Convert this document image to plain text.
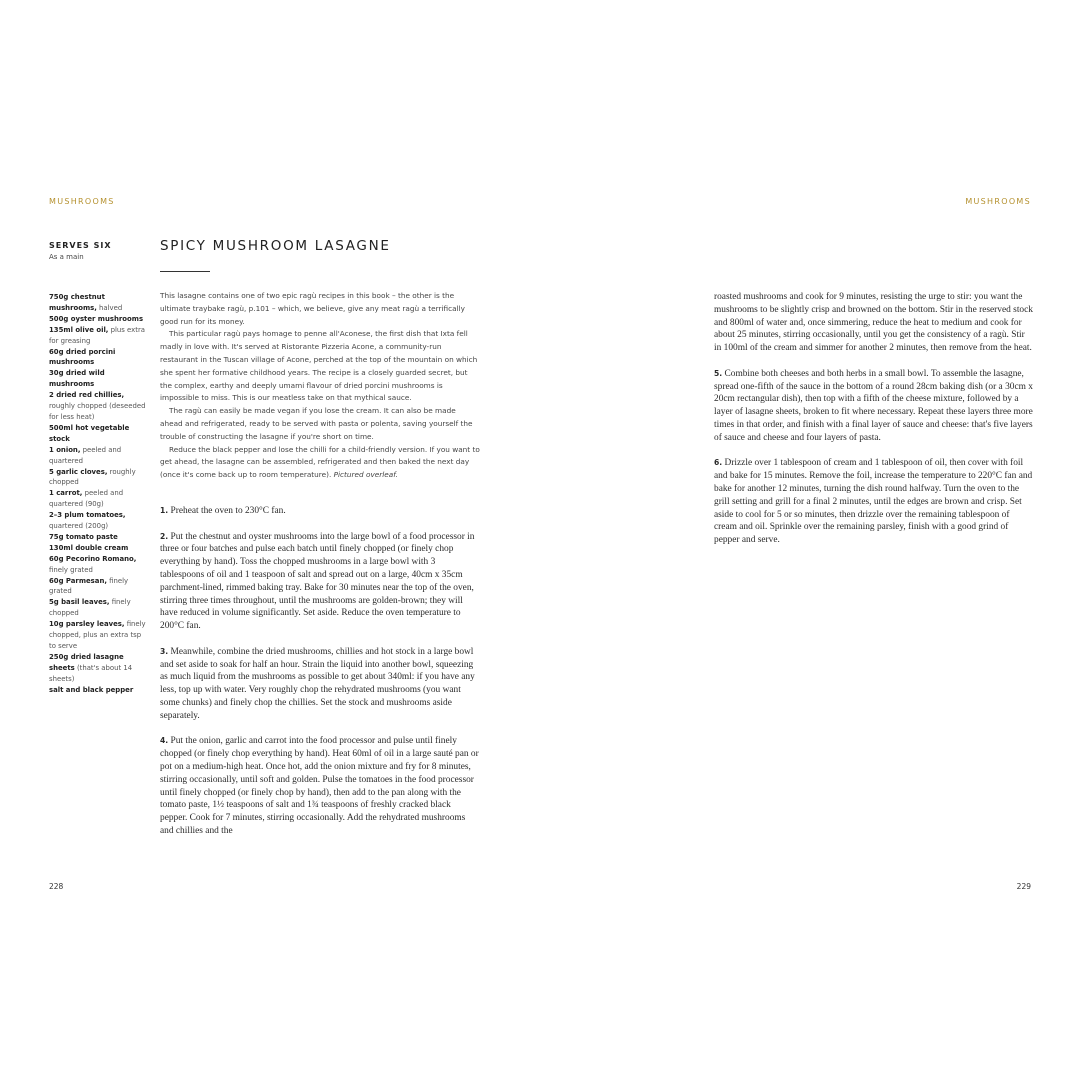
MUSHROOMS	MUSHROOMS
SERVES SIX
As a main
SPICY MUSHROOM LASAGNE
750g chestnut mushrooms, halved
500g oyster mushrooms
135ml olive oil, plus extra for greasing
60g dried porcini mushrooms
30g dried wild mushrooms
2 dried red chillies, roughly chopped (deseeded for less heat)
500ml hot vegetable stock
1 onion, peeled and quartered
5 garlic cloves, roughly chopped
1 carrot, peeled and quartered (90g)
2–3 plum tomatoes, quartered (200g)
75g tomato paste
130ml double cream
60g Pecorino Romano, finely grated
60g Parmesan, finely grated
5g basil leaves, finely chopped
10g parsley leaves, finely chopped, plus an extra tsp to serve
250g dried lasagne sheets (that's about 14 sheets)
salt and black pepper

This lasagne contains one of two epic ragù recipes in this book – the other is the ultimate traybake ragù, p.101 – which, we believe, give any meat ragù a terrifically good run for its money.

This particular ragù pays homage to penne all'Aconese, the first dish that Ixta fell madly in love with. It's served at Ristorante Pizzeria Acone, a community-run restaurant in the Tuscan village of Acone, perched at the top of the mountain on which she spent her formative childhood years. The recipe is a closely guarded secret, but the complex, earthy and deeply umami flavour of dried porcini mushrooms is impossible to miss. This is our meatless take on that mythical sauce.

The ragù can easily be made vegan if you lose the cream. It can also be made ahead and refrigerated, ready to be served with pasta or polenta, saving yourself the trouble of constructing the lasagne if you're short on time.

Reduce the black pepper and lose the chilli for a child-friendly version. If you want to get ahead, the lasagne can be assembled, refrigerated and then baked the next day (once it's come back up to room temperature). Pictured overleaf.

1. Preheat the oven to 230°C fan.

2. Put the chestnut and oyster mushrooms into the large bowl of a food processor in three or four batches and pulse each batch until finely chopped (or finely chop everything by hand). Toss the chopped mushrooms in a large bowl with 3 tablespoons of oil and 1 teaspoon of salt and spread out on a large, 40cm x 35cm parchment-lined, rimmed baking tray. Bake for 30 minutes near the top of the oven, stirring three times throughout, until the mushrooms are golden-brown; they will have reduced in volume significantly. Set aside. Reduce the oven temperature to 200°C fan.

3. Meanwhile, combine the dried mushrooms, chillies and hot stock in a large bowl and set aside to soak for half an hour. Strain the liquid into another bowl, squeezing as much liquid from the mushrooms as possible to get about 340ml: if you have any less, top up with water. Very roughly chop the rehydrated mushrooms (you want some chunks) and finely chop the chillies. Set the stock and mushrooms aside separately.

4. Put the onion, garlic and carrot into the food processor and pulse until finely chopped (or finely chop everything by hand). Heat 60ml of oil in a large sauté pan or pot on a medium-high heat. Once hot, add the onion mixture and fry for 8 minutes, stirring occasionally, until soft and golden. Pulse the tomatoes in the food processor until finely chopped (or finely chop by hand), then add to the pan along with the tomato paste, 1½ teaspoons of salt and 1¾ teaspoons of freshly cracked black pepper. Cook for 7 minutes, stirring occasionally. Add the rehydrated mushrooms and chillies and the

roasted mushrooms and cook for 9 minutes, resisting the urge to stir: you want the mushrooms to be slightly crisp and browned on the bottom. Stir in the reserved stock and 800ml of water and, once simmering, reduce the heat to medium and cook for about 25 minutes, stirring occasionally, until you get the consistency of a ragù. Stir in 100ml of the cream and simmer for another 2 minutes, then remove from the heat.

5. Combine both cheeses and both herbs in a small bowl. To assemble the lasagne, spread one-fifth of the sauce in the bottom of a round 28cm baking dish (or a 30cm x 20cm rectangular dish), then top with a fifth of the cheese mixture, followed by a layer of lasagne sheets, broken to fit where necessary. Repeat these layers three more times in that order, and finish with a final layer of sauce and cheese: that's five layers of sauce and cheese and four layers of pasta.

6. Drizzle over 1 tablespoon of cream and 1 tablespoon of oil, then cover with foil and bake for 15 minutes. Remove the foil, increase the temperature to 220°C fan and bake for another 12 minutes, turning the dish round halfway. Turn the oven to the grill setting and grill for a final 2 minutes, until the edges are brown and crisp. Set aside to cool for 5 or so minutes, then drizzle over the remaining tablespoon of cream and oil. Sprinkle over the remaining parsley, finish with a good grind of pepper and serve.

228	229
